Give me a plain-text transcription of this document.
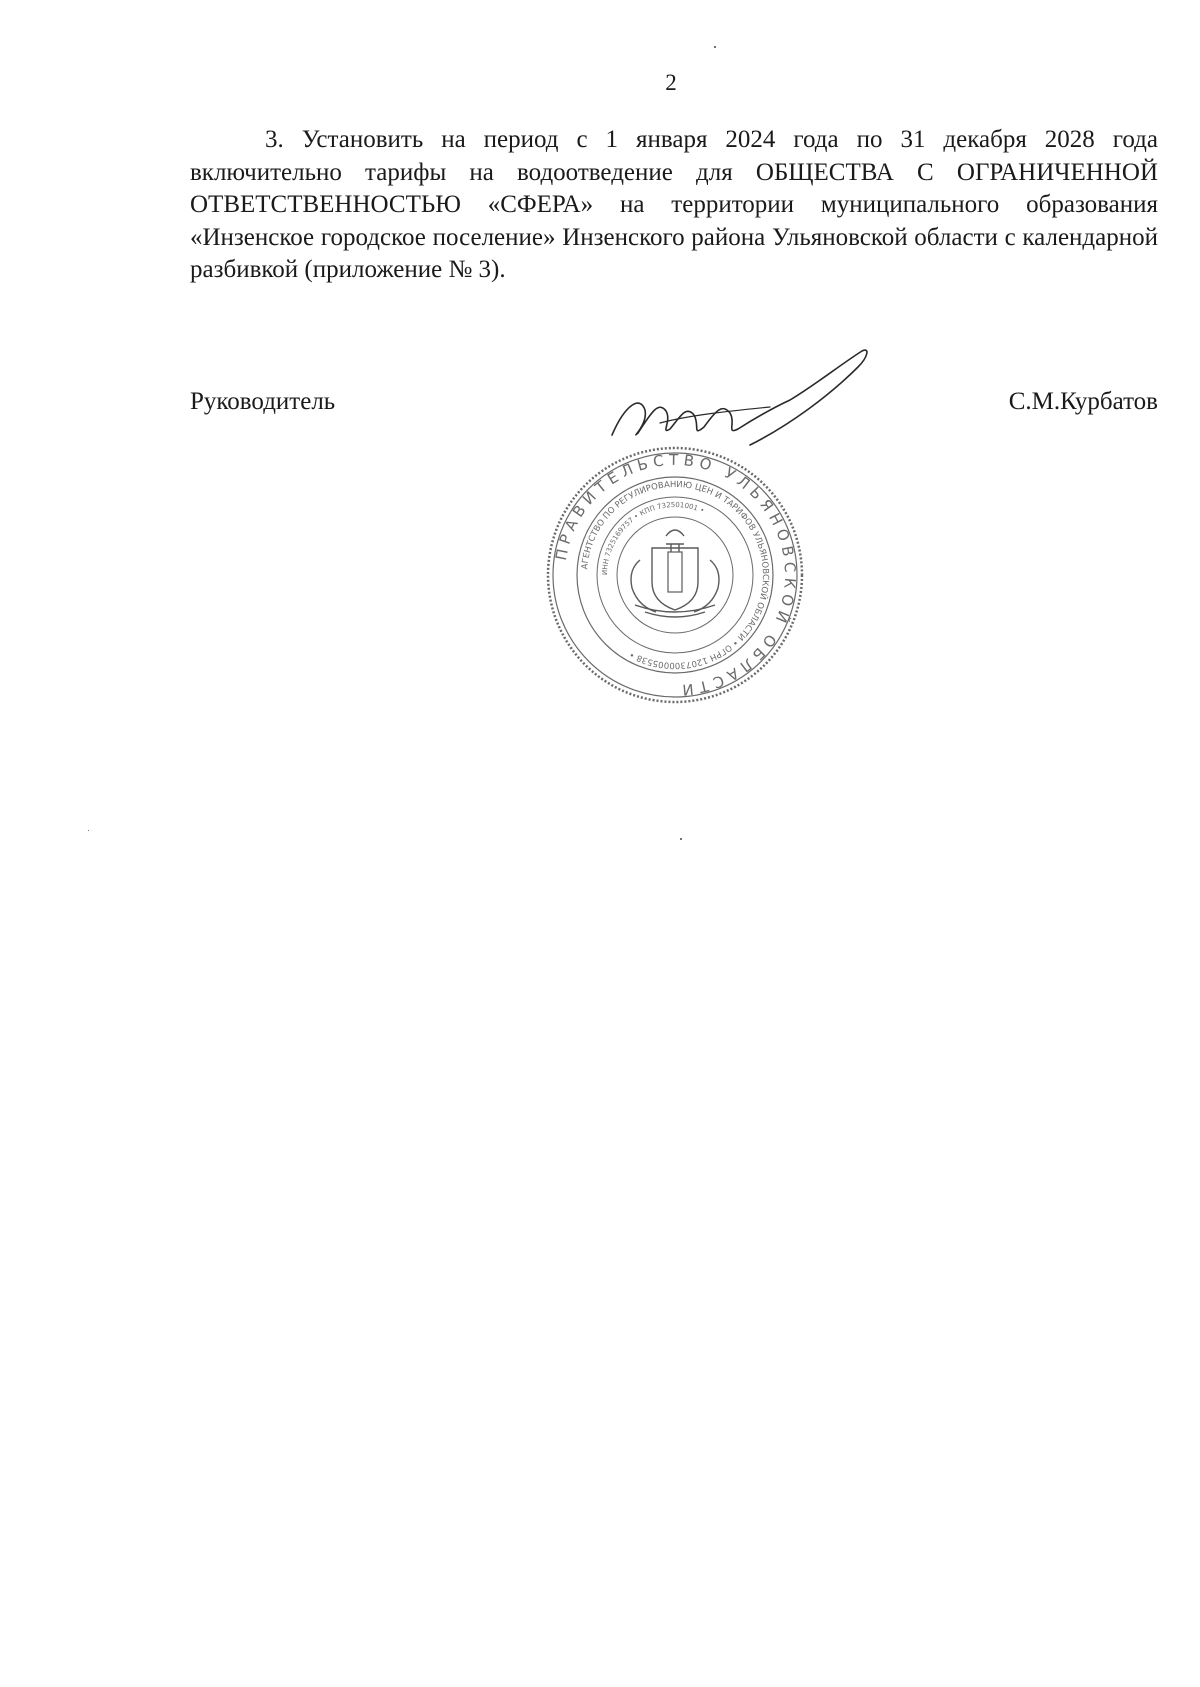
2

3. Установить на период с 1 января 2024 года по 31 декабря 2028 года включительно тарифы на водоотведение для ОБЩЕСТВА С ОГРАНИЧЕННОЙ ОТВЕТСТВЕННОСТЬЮ «СФЕРА» на территории муниципального образования «Инзенское городское поселение» Инзенского района Ульяновской области с календарной разбивкой (приложение № 3).

Руководитель	С.М.Курбатов
ПРАВИТЕЛЬСТВО УЛЬЯНОВСКОЙ ОБЛАСТИ
АГЕНТСТВО ПО РЕГУЛИРОВАНИЮ ЦЕН И ТАРИФОВ УЛЬЯНОВСКОЙ ОБЛАСТИ • ОГРН 1207300005538 •
ИНН 7325169757 • КПП 732501001 •
